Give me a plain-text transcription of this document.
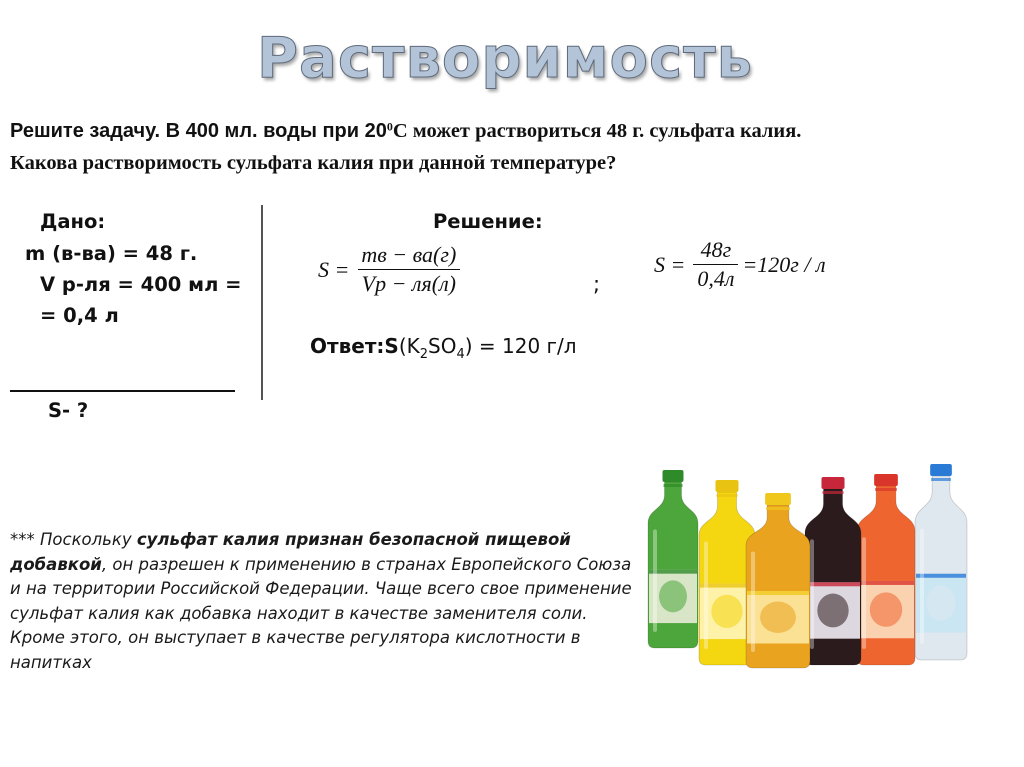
Растворимость
Решите задачу. В 400 мл. воды при $20^0С$ может раствориться 48 г. сульфата калия.
Какова растворимость сульфата калия при данной температуре?
Дано:
m (в-ва) = 48 г.
V р-ля = 400 мл =
= 0,4 л
S- ?
Решение:
$S = \frac{mв - ва(г)}{Vр - ля(л)}$	;
$S = \frac{48г}{0,4л} =120г / л$
$Ответ:S(K_2SO_4) = 120$ г/л
*** Поскольку сульфат калия признан безопасной пищевой добавкой, он разрешен к применению в странах Европейского Союза и на территории Российской Федерации. Чаще всего свое применение сульфат калия как добавка находит в качестве заменителя соли. Кроме этого, он выступает в качестве регулятора кислотности в напитках
